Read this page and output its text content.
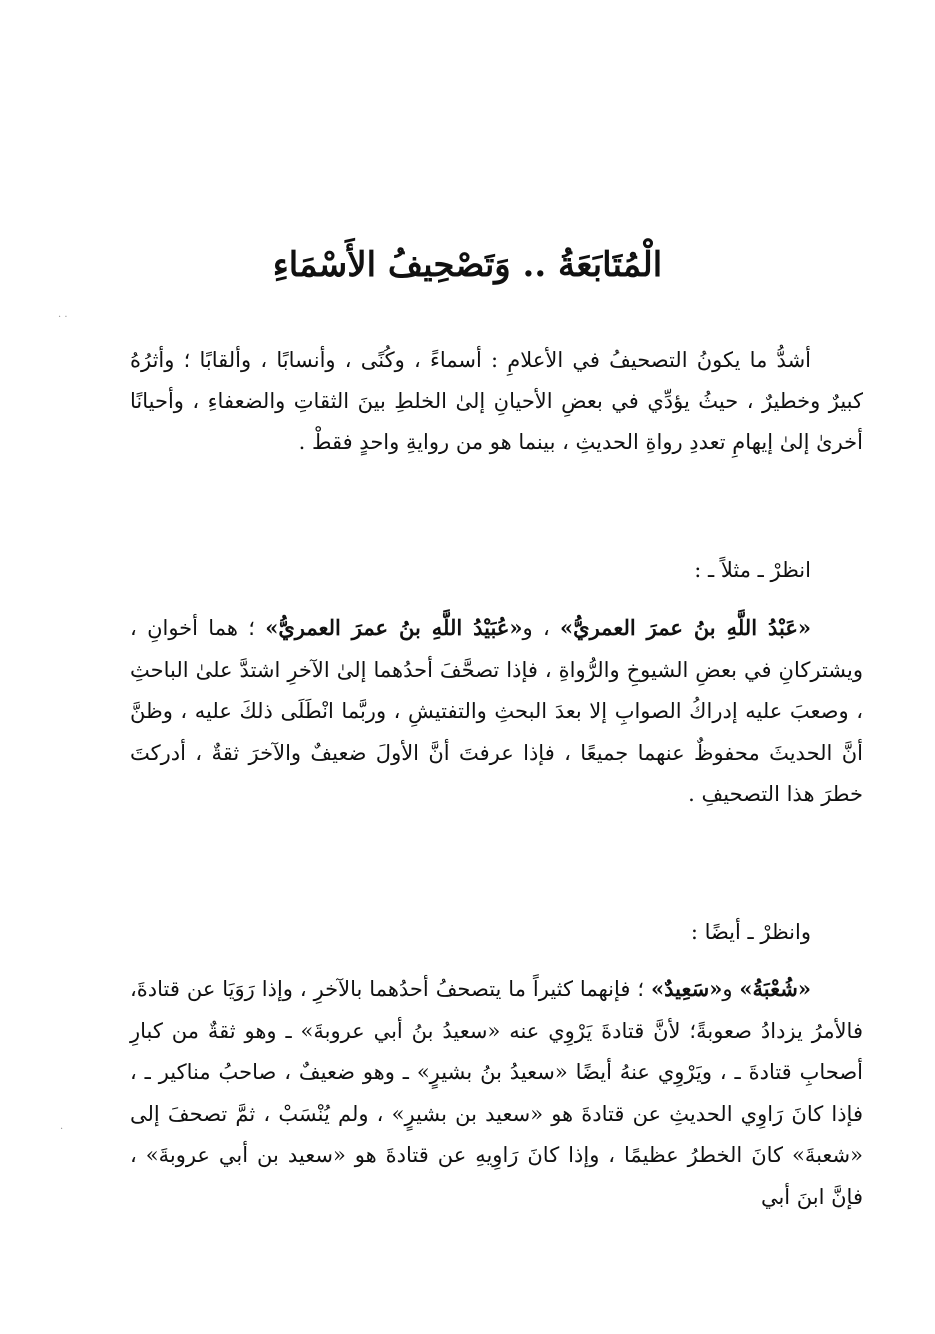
· ·
·
الْمُتَابَعَةُ .. وَتَصْحِيفُ الأَسْمَاءِ

أشدُّ ما يكونُ التصحيفُ في الأعلامِ : أسماءً ، وكُنًى ، وأنسابًا ، وألقابًا ؛ وأثرُهُ كبيرٌ وخطيرٌ ، حيثُ يؤدِّي في بعضِ الأحيانِ إلىٰ الخلطِ بينَ الثقاتِ والضعفاءِ ، وأحيانًا أخرىٰ إلىٰ إيهامِ تعددِ رواةِ الحديثِ ، بينما هو من روايةِ واحدٍ فقطْ .

انظرْ ـ مثلاً ـ :

«عَبْدُ اللَّهِ بنُ عمرَ العمريُّ» ، و«عُبَيْدُ اللَّهِ بنُ عمرَ العمريُّ» ؛ هما أخوانِ ، ويشتركانِ في بعضِ الشيوخِ والرُّواةِ ، فإذا تصحَّفَ أحدُهما إلىٰ الآخرِ اشتدَّ علىٰ الباحثِ ، وصعبَ عليه إدراكُ الصوابِ إلا بعدَ البحثِ والتفتيشِ ، وربَّما انْطَلَى ذلكَ عليه ، وظنَّ أنَّ الحديثَ محفوظٌ عنهما جميعًا ، فإذا عرفتَ أنَّ الأولَ ضعيفٌ والآخرَ ثقةٌ ، أدركتَ خطرَ هذا التصحيفِ .

وانظرْ ـ أيضًا :

«شُعْبَةُ» و«سَعِيدٌ» ؛ فإنهما كثيراً ما يتصحفُ أحدُهما بالآخرِ ، وإذا رَوَيَا عن قتادةَ، فالأمرُ يزدادُ صعوبةً؛ لأنَّ قتادةَ يَرْوِي عنه «سعيدُ بنُ أبي عروبةَ» ـ وهو ثقةٌ من كبارِ أصحابِ قتادةَ ـ ، ويَرْوِي عنهُ أيضًا «سعيدُ بنُ بشيرٍ» ـ وهو ضعيفٌ ، صاحبُ مناكير ـ ، فإذا كانَ رَاوِي الحديثِ عن قتادةَ هو «سعيد بن بشيرٍ» ، ولم يُنْسَبْ ، ثمَّ تصحفَ إلى «شعبةَ» كانَ الخطرُ عظيمًا ، وإذا كانَ رَاوِيهِ عن قتادةَ هو «سعيد بن أبي عروبةَ» ، فإنَّ ابنَ أبي
